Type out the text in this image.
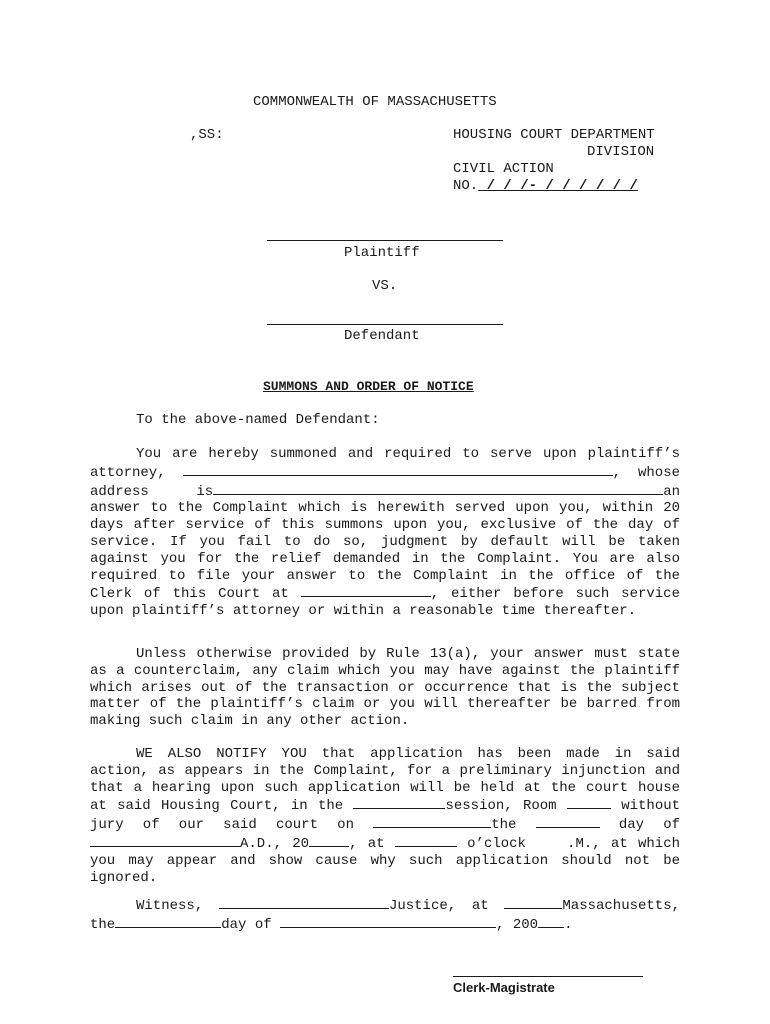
COMMONWEALTH OF MASSACHUSETTS
,SS:	HOUSING COURT DEPARTMENT
DIVISION
CIVIL ACTION
NO. / / /- / / / / / /
Plaintiff
VS.
Defendant
SUMMONS AND ORDER OF NOTICE
To the above-named Defendant:
You are hereby summoned and required to serve upon plaintiff’s attorney,	, whose address is	an answer to the Complaint which is herewith served upon you, within 20 days after service of this summons upon you, exclusive of the day of service. If you fail to do so, judgment by default will be taken against you for the relief demanded in the Complaint. You are also required to file your answer to the Complaint in the office of the Clerk of this Court at	, either before such service upon plaintiff’s attorney or within a reasonable time thereafter.
Unless otherwise provided by Rule 13(a), your answer must state as a counterclaim, any claim which you may have against the plaintiff which arises out of the transaction or occurrence that is the subject matter of the plaintiff’s claim or you will thereafter be barred from making such claim in any other action.
WE ALSO NOTIFY YOU that application has been made in said action, as appears in the Complaint, for a preliminary injunction and that a hearing upon such application will be held at the court house at said Housing Court, in the	session, Room	without jury of our said court on	the	day of A.D., 20	, at	o’clock	.M., at which you may appear and show cause why such application should not be ignored.
Witness,	Justice, at	Massachusetts, the	day of	, 200 .
Clerk-Magistrate
